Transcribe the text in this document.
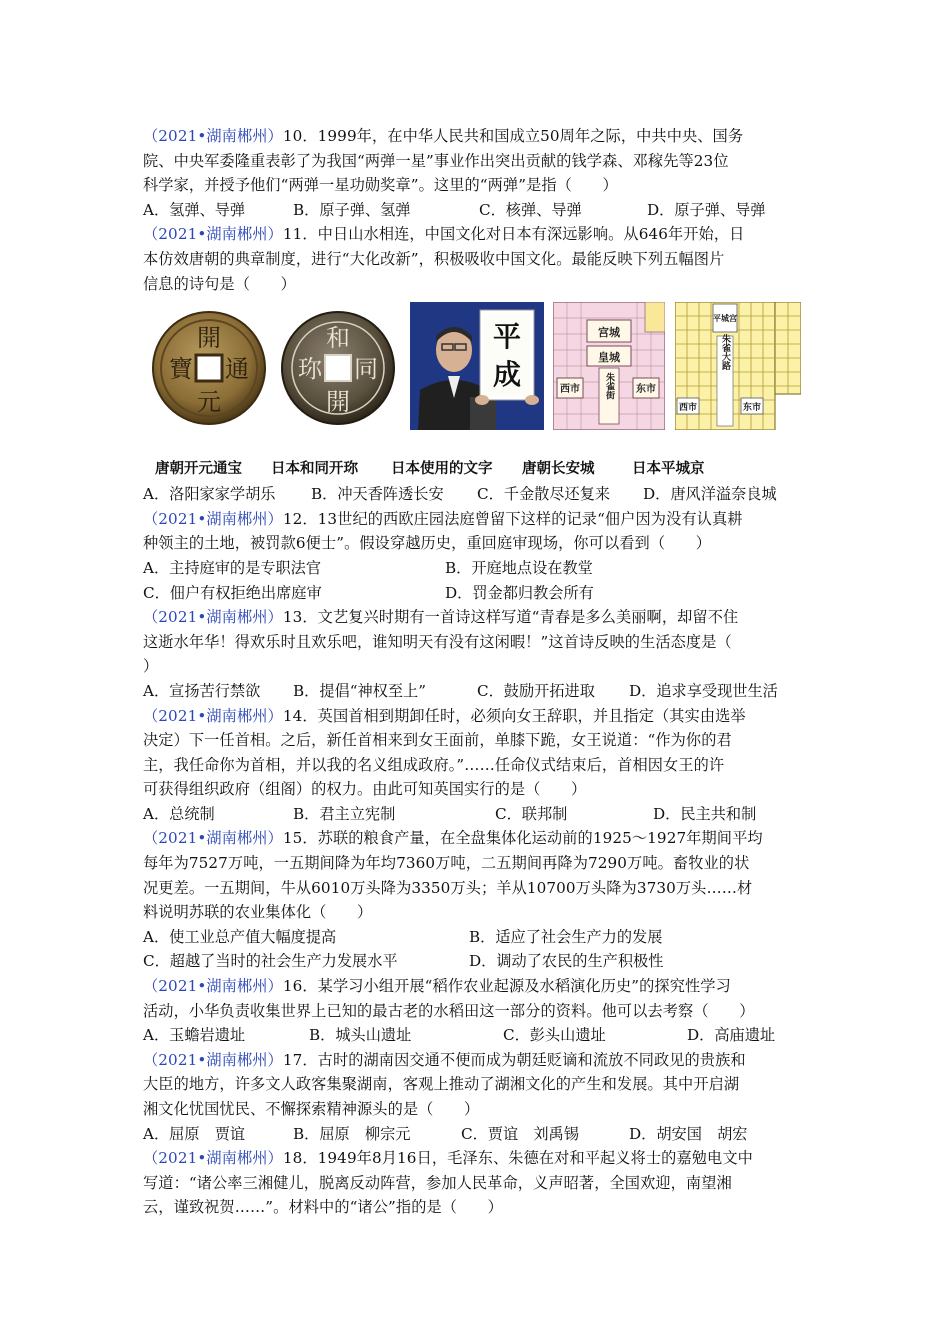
（2021•湖南郴州）10．1999年，在中华人民共和国成立50周年之际，中共中央、国务
院、中央军委隆重表彰了为我国“两弹一星”事业作出突出贡献的钱学森、邓稼先等23位
科学家，并授予他们“两弹一星功勋奖章”。这里的“两弹”是指（　　）
A．氢弹、导弹	B．原子弹、氢弹	C．核弹、导弹	D．原子弹、导弹
（2021•湖南郴州）11．中日山水相连，中国文化对日本有深远影响。从646年开始，日
本仿效唐朝的典章制度，进行“大化改新”，积极吸收中国文化。最能反映下列五幅图片
信息的诗句是（　　）
開
通
元
寶
和
同
開
珎
平
成
宫城
皇城
西市	东市
朱雀街
平城宫
朱雀大路
西市	东市
唐朝开元通宝 日本和同开珎 日本使用的文字 唐朝长安城	日本平城京
A．洛阳家家学胡乐	B．冲天香阵透长安	C．千金散尽还复来	D．唐风洋溢奈良城
（2021•湖南郴州）12．13世纪的西欧庄园法庭曾留下这样的记录“佃户因为没有认真耕
种领主的土地，被罚款6便士”。假设穿越历史，重回庭审现场，你可以看到（　　）
A．主持庭审的是专职法官	B．开庭地点设在教堂
C．佃户有权拒绝出席庭审	D．罚金都归教会所有
（2021•湖南郴州）13．文艺复兴时期有一首诗这样写道“青春是多么美丽啊，却留不住
这逝水年华！得欢乐时且欢乐吧，谁知明天有没有这闲暇！”这首诗反映的生活态度是（
）
A．宣扬苦行禁欲	B．提倡“神权至上”	C．鼓励开拓进取	D．追求享受现世生活
（2021•湖南郴州）14．英国首相到期卸任时，必须向女王辞职，并且指定（其实由选举
决定）下一任首相。之后，新任首相来到女王面前，单膝下跪，女王说道：“作为你的君
主，我任命你为首相，并以我的名义组成政府。”……任命仪式结束后，首相因女王的许
可获得组织政府（组阁）的权力。由此可知英国实行的是（　　）
A．总统制	B．君主立宪制	C．联邦制	D．民主共和制
（2021•湖南郴州）15．苏联的粮食产量，在全盘集体化运动前的1925～1927年期间平均
每年为7527万吨，一五期间降为年均7360万吨，二五期间再降为7290万吨。畜牧业的状
况更差。一五期间，牛从6010万头降为3350万头；羊从10700万头降为3730万头……材
料说明苏联的农业集体化（　　）
A．使工业总产值大幅度提高	B．适应了社会生产力的发展
C．超越了当时的社会生产力发展水平	D．调动了农民的生产积极性
（2021•湖南郴州）16．某学习小组开展“稻作农业起源及水稻演化历史”的探究性学习
活动，小华负责收集世界上已知的最古老的水稻田这一部分的资料。他可以去考察（　　）
A．玉蟾岩遗址	B．城头山遗址	C．彭头山遗址	D．高庙遗址
（2021•湖南郴州）17．古时的湖南因交通不便而成为朝廷贬谪和流放不同政见的贵族和
大臣的地方，许多文人政客集聚湖南，客观上推动了湖湘文化的产生和发展。其中开启湖
湘文化忧国忧民、不懈探索精神源头的是（　　）
A．屈原　贾谊	B．屈原　柳宗元	C．贾谊　刘禹锡	D．胡安国　胡宏
（2021•湖南郴州）18．1949年8月16日，毛泽东、朱德在对和平起义将士的嘉勉电文中
写道：“诸公率三湘健儿，脱离反动阵营，参加人民革命，义声昭著，全国欢迎，南望湘
云，谨致祝贺……”。材料中的“诸公”指的是（　　）
